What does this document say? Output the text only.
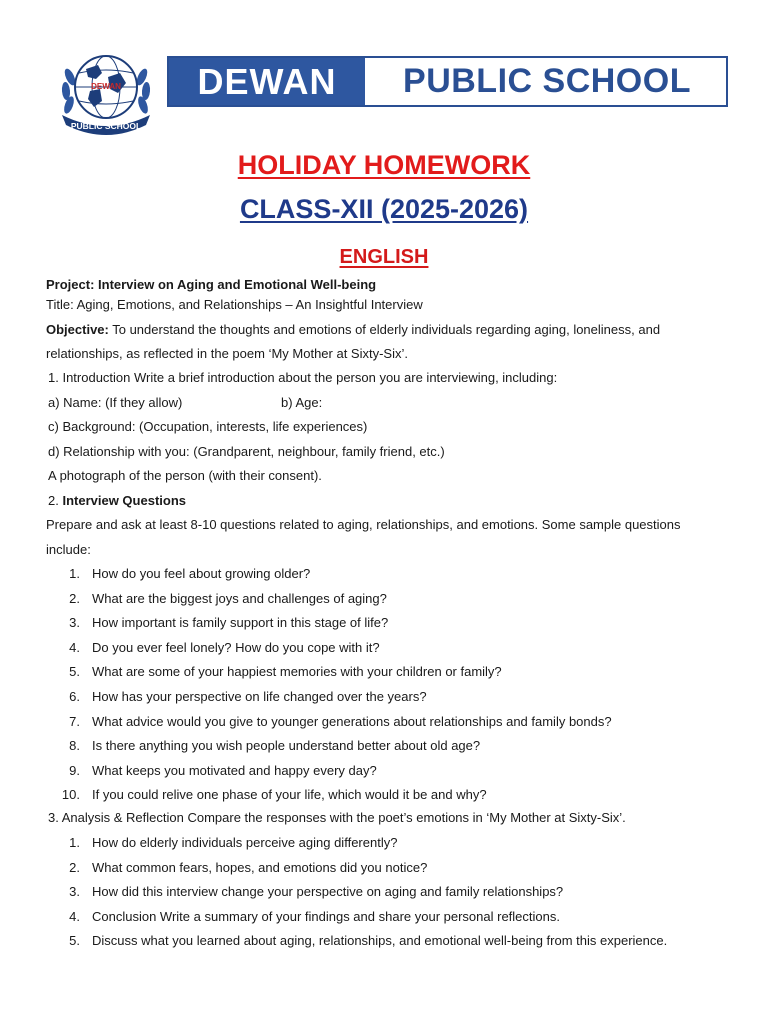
DEWAN
PUBLIC SCHOOL
DEWAN	PUBLIC SCHOOL
HOLIDAY HOMEWORK
CLASS-XII (2025-2026)
ENGLISH
Project: Interview on Aging and Emotional Well-being
Title: Aging, Emotions, and Relationships – An Insightful Interview
Objective: To understand the thoughts and emotions of elderly individuals regarding aging, loneliness, and
relationships, as reflected in the poem ‘My Mother at Sixty-Six’.
1. Introduction Write a brief introduction about the person you are interviewing, including:
a) Name: (If they allow)	b) Age:
c) Background: (Occupation, interests, life experiences)
d) Relationship with you: (Grandparent, neighbour, family friend, etc.)
A photograph of the person (with their consent).
2. Interview Questions
Prepare and ask at least 8-10 questions related to aging, relationships, and emotions. Some sample questions
include:
1. How do you feel about growing older?
2. What are the biggest joys and challenges of aging?
3. How important is family support in this stage of life?
4. Do you ever feel lonely? How do you cope with it?
5. What are some of your happiest memories with your children or family?
6. How has your perspective on life changed over the years?
7. What advice would you give to younger generations about relationships and family bonds?
8. Is there anything you wish people understand better about old age?
9. What keeps you motivated and happy every day?
10. If you could relive one phase of your life, which would it be and why?
3. Analysis & Reflection Compare the responses with the poet’s emotions in ‘My Mother at Sixty-Six’.
1. How do elderly individuals perceive aging differently?
2. What common fears, hopes, and emotions did you notice?
3. How did this interview change your perspective on aging and family relationships?
4. Conclusion Write a summary of your findings and share your personal reflections.
5. Discuss what you learned about aging, relationships, and emotional well-being from this experience.
